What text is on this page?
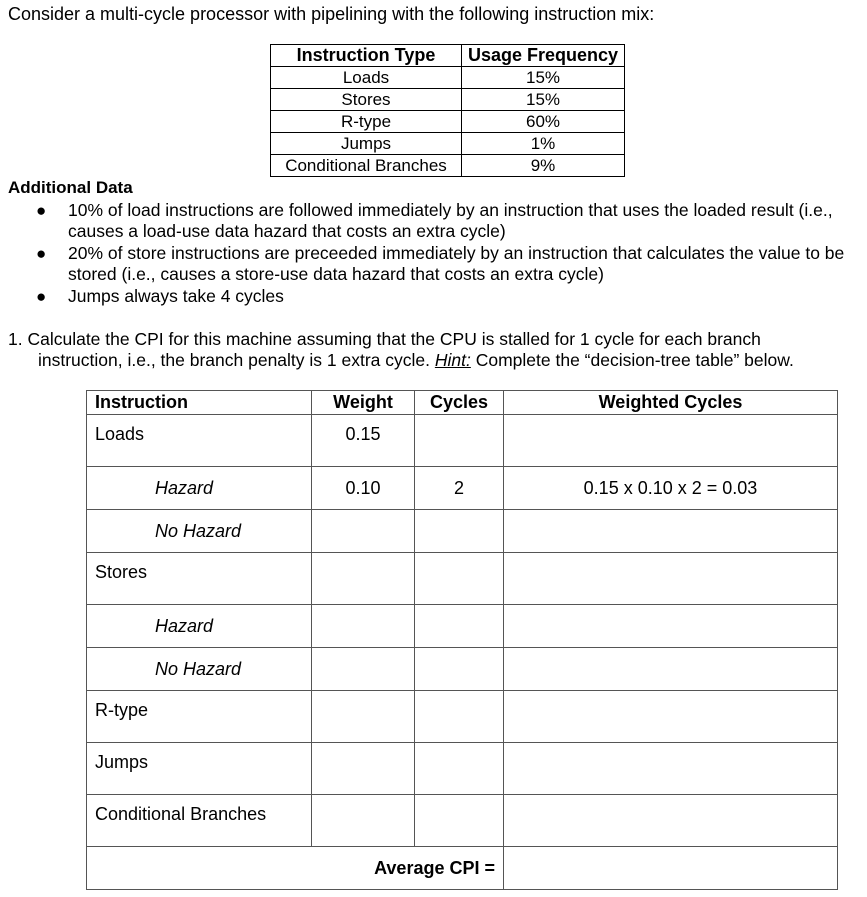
Consider a multi-cycle processor with pipelining with the following instruction mix:
Instruction Type	Usage Frequency
Loads	15%
Stores	15%
R-type	60%
Jumps	1%
Conditional Branches	9%
Additional Data
● 10% of load instructions are followed immediately by an instruction that uses the loaded result (i.e., causes a load-use data hazard that costs an extra cycle)
● 20% of store instructions are preceeded immediately by an instruction that calculates the value to be stored (i.e., causes a store-use data hazard that costs an extra cycle)
● Jumps always take 4 cycles
1. Calculate the CPI for this machine assuming that the CPU is stalled for 1 cycle for each branch
instruction, i.e., the branch penalty is 1 extra cycle. Hint: Complete the “decision-tree table” below.
Instruction	Weight	Cycles	Weighted Cycles
Loads	0.15		
Hazard	0.10	2	0.15 x 0.10 x 2 = 0.03
No Hazard			
Stores			
Hazard			
No Hazard			
R-type			
Jumps			
Conditional Branches			
Average CPI =			
